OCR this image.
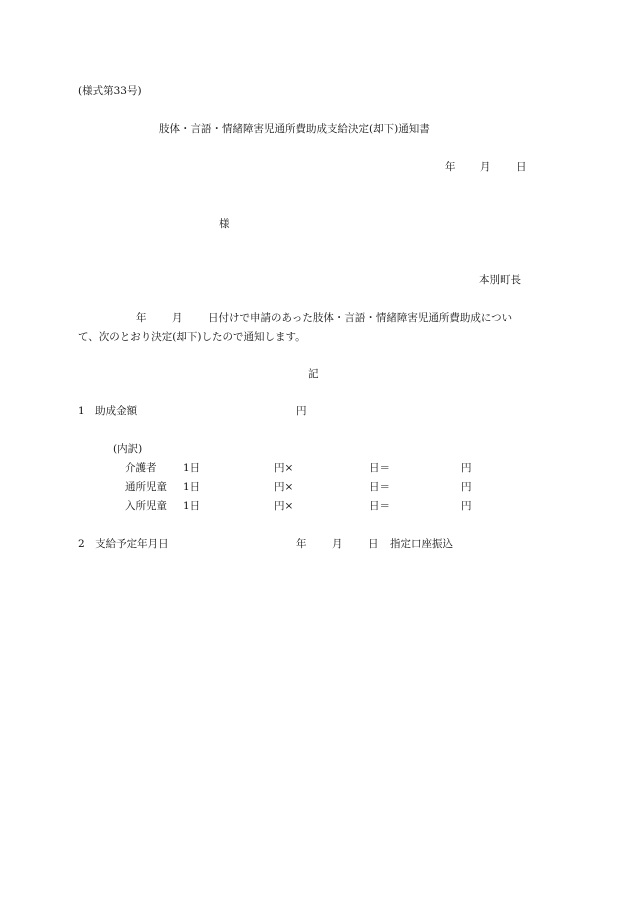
(様式第33号)
肢体・言語・情緒障害児通所費助成支給決定(却下)通知書
年 月 日
様
本別町長
年 月 日付けで申請のあった肢体・言語・情緒障害児通所費助成につい
て、次のとおり決定(却下)したので通知します。
記
1　助成金額	円
(内訳)
介護者	1日	円×	日＝	円
通所児童 1日	円×	日＝	円
入所児童 1日	円×	日＝	円
2　支給予定年月日	年 月 日 指定口座振込
